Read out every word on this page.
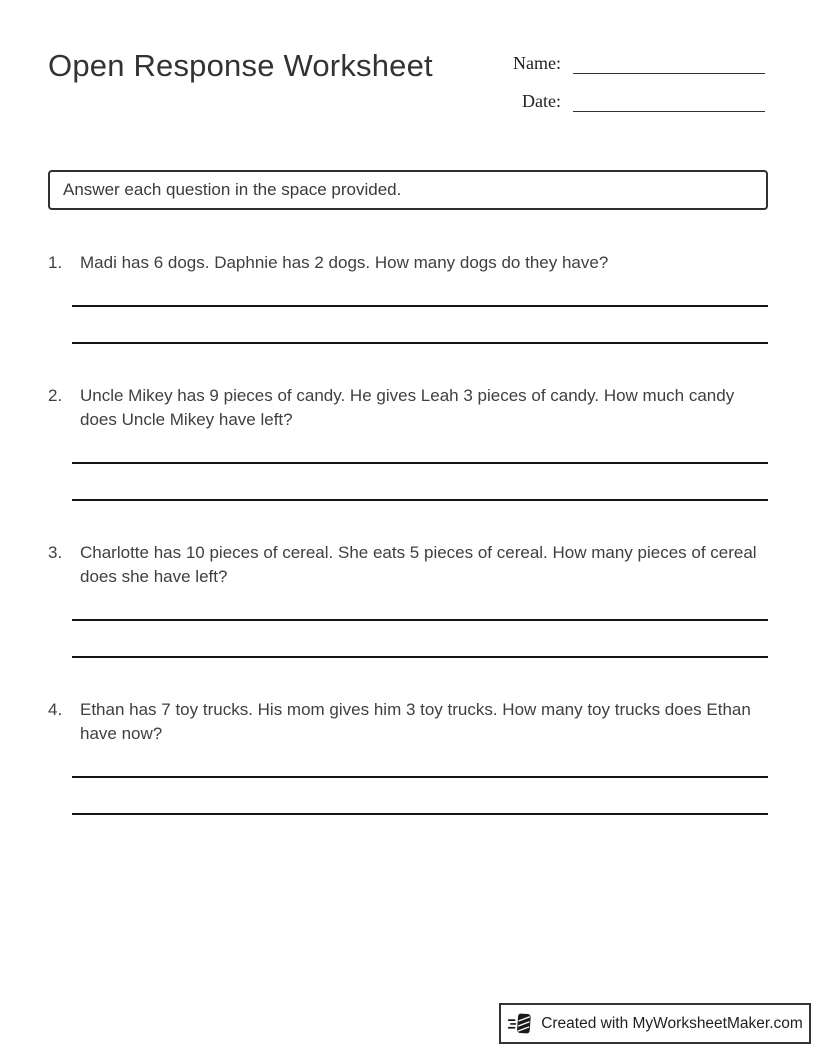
Open Response Worksheet	Name:
Date:
Answer each question in the space provided.
1.	Madi has 6 dogs. Daphnie has 2 dogs. How many dogs do they have?
2.	Uncle Mikey has 9 pieces of candy. He gives Leah 3 pieces of candy. How much candy does Uncle Mikey have left?
3.	Charlotte has 10 pieces of cereal. She eats 5 pieces of cereal. How many pieces of cereal does she have left?
4.	Ethan has 7 toy trucks. His mom gives him 3 toy trucks. How many toy trucks does Ethan have now?
Created with MyWorksheetMaker.com
